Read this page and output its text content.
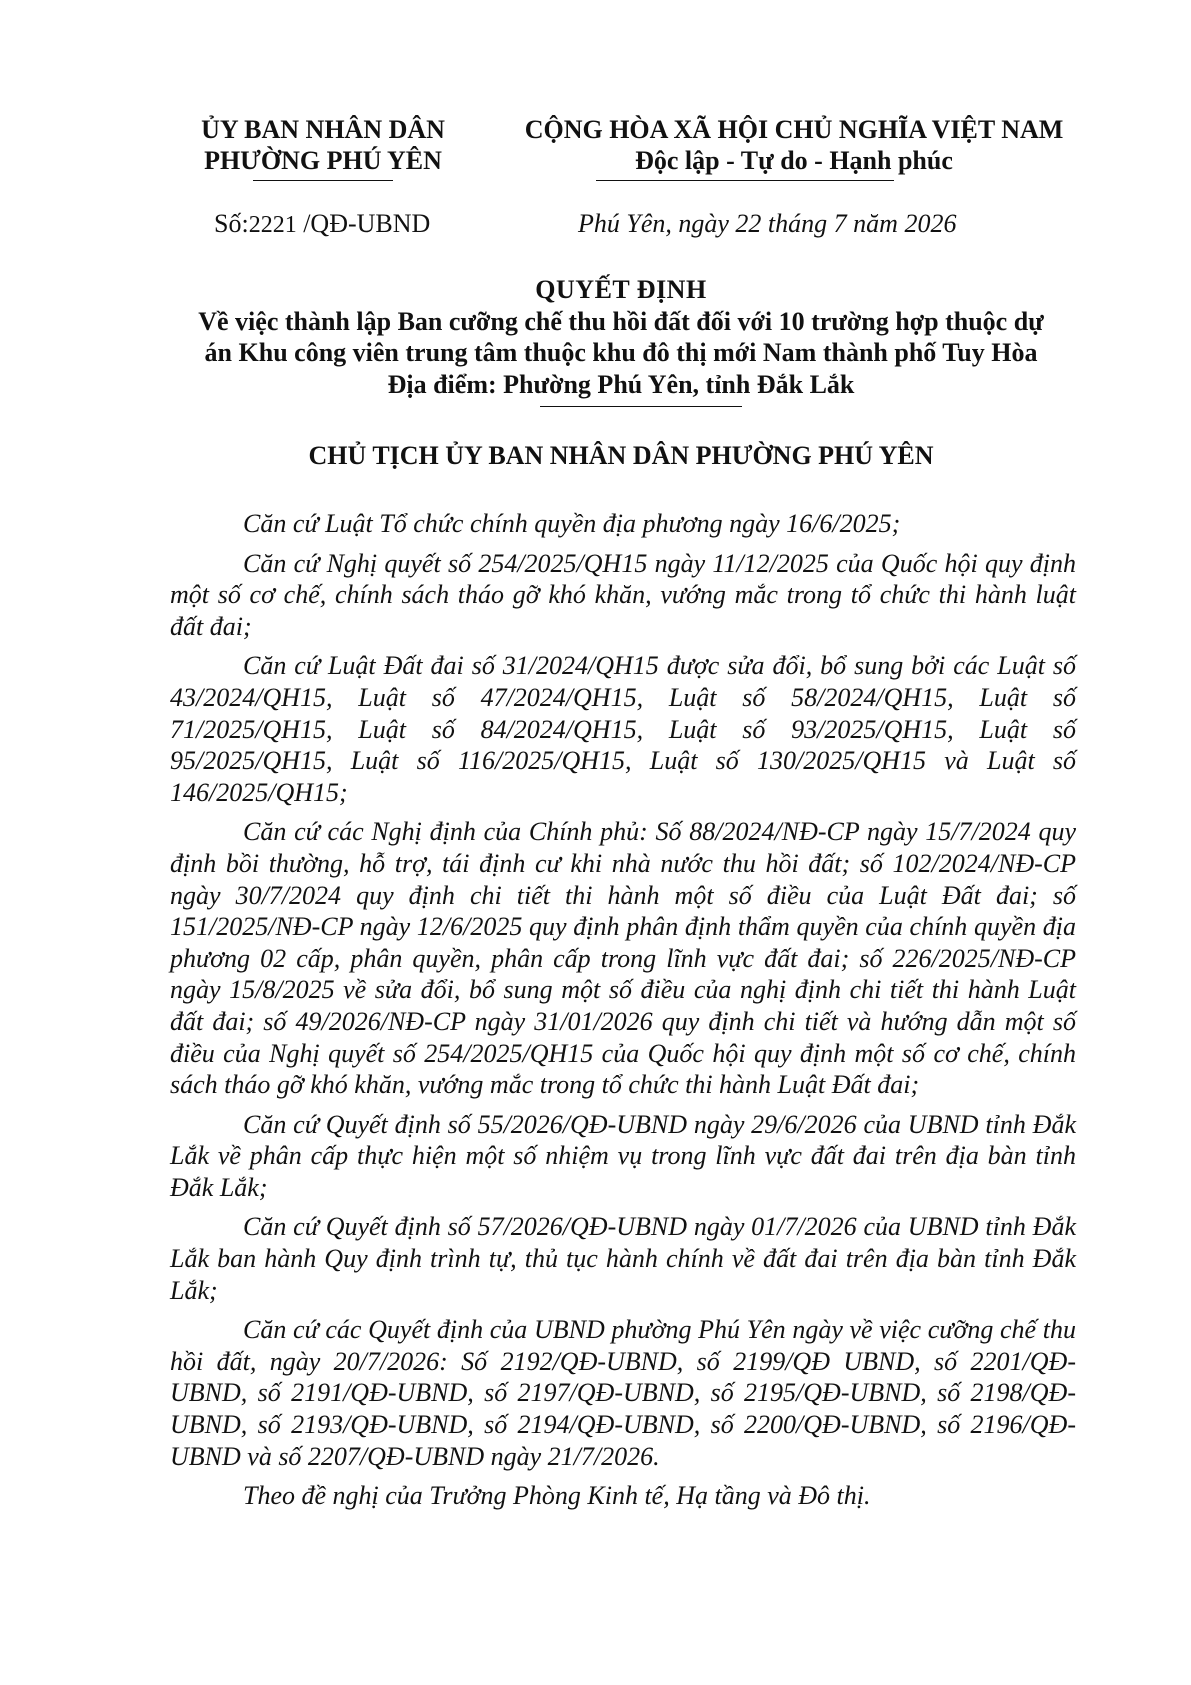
ỦY BAN NHÂN DÂN
PHƯỜNG PHÚ YÊN
CỘNG HÒA XÃ HỘI CHỦ NGHĨA VIỆT NAM
Độc lập - Tự do - Hạnh phúc
Số:2221 /QĐ-UBND	Phú Yên, ngày 22 tháng 7 năm 2026
QUYẾT ĐỊNH
Về việc thành lập Ban cưỡng chế thu hồi đất đối với 10 trường hợp thuộc dự
án Khu công viên trung tâm thuộc khu đô thị mới Nam thành phố Tuy Hòa
Địa điểm: Phường Phú Yên, tỉnh Đắk Lắk
CHỦ TỊCH ỦY BAN NHÂN DÂN PHƯỜNG PHÚ YÊN

Căn cứ Luật Tổ chức chính quyền địa phương ngày 16/6/2025;

Căn cứ Nghị quyết số 254/2025/QH15 ngày 11/12/2025 của Quốc hội quy định một số cơ chế, chính sách tháo gỡ khó khăn, vướng mắc trong tổ chức thi hành luật đất đai;

Căn cứ Luật Đất đai số 31/2024/QH15 được sửa đổi, bổ sung bởi các Luật số 43/2024/QH15, Luật số 47/2024/QH15, Luật số 58/2024/QH15, Luật số 71/2025/QH15, Luật số 84/2024/QH15, Luật số 93/2025/QH15, Luật số 95/2025/QH15, Luật số 116/2025/QH15, Luật số 130/2025/QH15 và Luật số 146/2025/QH15;

Căn cứ các Nghị định của Chính phủ: Số 88/2024/NĐ-CP ngày 15/7/2024 quy định bồi thường, hỗ trợ, tái định cư khi nhà nước thu hồi đất; số 102/2024/NĐ-CP ngày 30/7/2024 quy định chi tiết thi hành một số điều của Luật Đất đai; số 151/2025/NĐ-CP ngày 12/6/2025 quy định phân định thẩm quyền của chính quyền địa phương 02 cấp, phân quyền, phân cấp trong lĩnh vực đất đai; số 226/2025/NĐ-CP ngày 15/8/2025 về sửa đổi, bổ sung một số điều của nghị định chi tiết thi hành Luật đất đai; số 49/2026/NĐ-CP ngày 31/01/2026 quy định chi tiết và hướng dẫn một số điều của Nghị quyết số 254/2025/QH15 của Quốc hội quy định một số cơ chế, chính sách tháo gỡ khó khăn, vướng mắc trong tổ chức thi hành Luật Đất đai;

Căn cứ Quyết định số 55/2026/QĐ-UBND ngày 29/6/2026 của UBND tỉnh Đắk Lắk về phân cấp thực hiện một số nhiệm vụ trong lĩnh vực đất đai trên địa bàn tỉnh Đắk Lắk;

Căn cứ Quyết định số 57/2026/QĐ-UBND ngày 01/7/2026 của UBND tỉnh Đắk Lắk ban hành Quy định trình tự, thủ tục hành chính về đất đai trên địa bàn tỉnh Đắk Lắk;

Căn cứ các Quyết định của UBND phường Phú Yên ngày về việc cưỡng chế thu hồi đất, ngày 20/7/2026: Số 2192/QĐ-UBND, số 2199/QĐ UBND, số 2201/QĐ-UBND, số 2191/QĐ-UBND, số 2197/QĐ-UBND, số 2195/QĐ-UBND, số 2198/QĐ-UBND, số 2193/QĐ-UBND, số 2194/QĐ-UBND, số 2200/QĐ-UBND, số 2196/QĐ-UBND và số 2207/QĐ-UBND ngày 21/7/2026.

Theo đề nghị của Trưởng Phòng Kinh tế, Hạ tầng và Đô thị.
